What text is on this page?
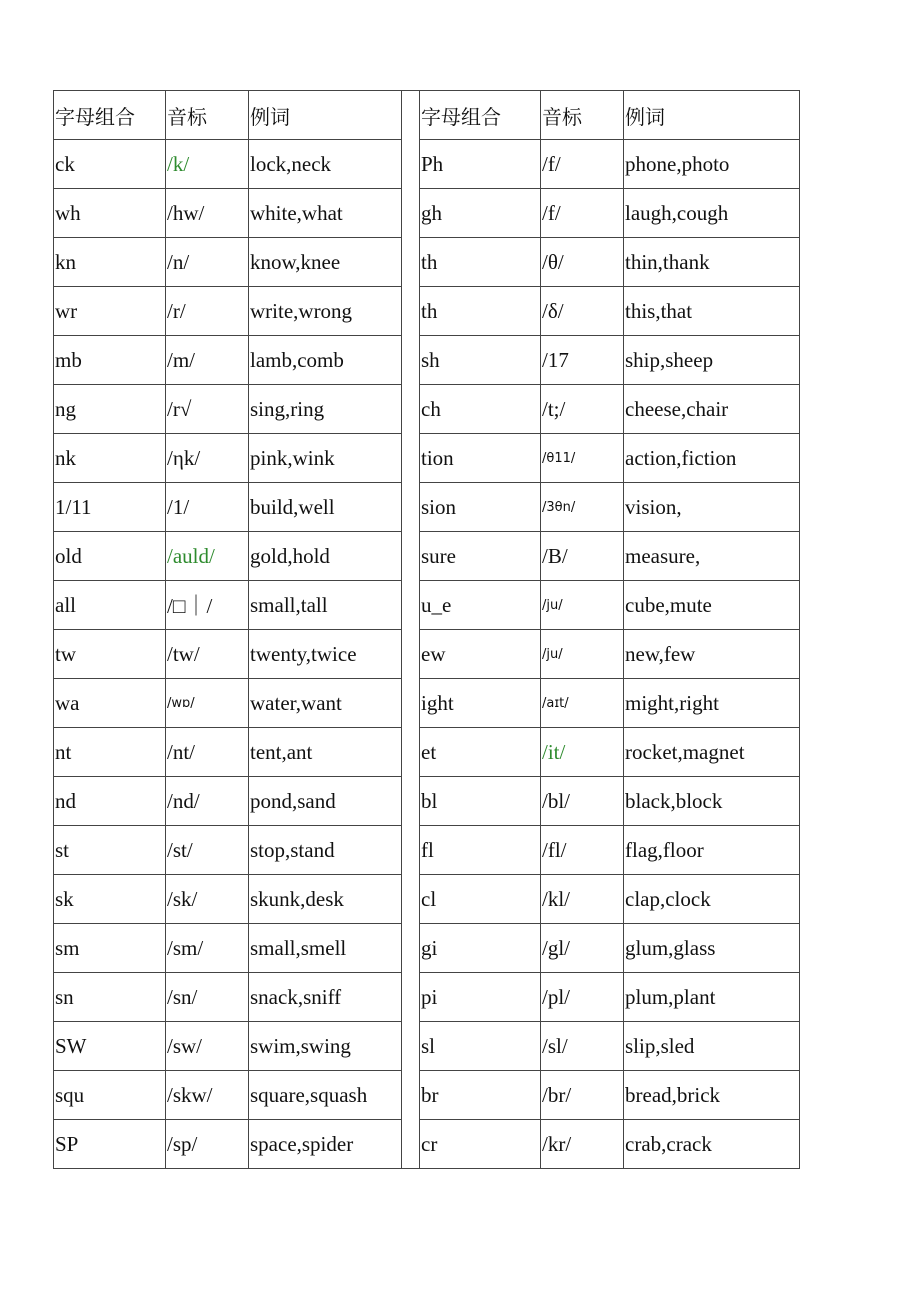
字母组合	音标	例词		字母组合	音标	例词
ck	/k/	lock,neck		Ph	/f/	phone,photo
wh	/hw/	white,what		gh	/f/	laugh,cough
kn	/n/	know,knee		th	/θ/	thin,thank
wr	/r/	write,wrong		th	/δ/	this,that
mb	/m/	lamb,comb		sh	/17	ship,sheep
ng	/r√	sing,ring		ch	/t;/	cheese,chair
nk	/ηk/	pink,wink		tion	/θ11/	action,fiction
1/11	/1/	build,well		sion	/3θn/	vision,
old	/auld/	gold,hold		sure	/B/	measure,
all	/□｜/	small,tall		u_e	/ju/	cube,mute
tw	/tw/	twenty,twice		ew	/ju/	new,few
wa	/wɒ/	water,want		ight	/aɪt/	might,right
nt	/nt/	tent,ant		et	/it/	rocket,magnet
nd	/nd/	pond,sand		bl	/bl/	black,block
st	/st/	stop,stand		fl	/fl/	flag,floor
sk	/sk/	skunk,desk		cl	/kl/	clap,clock
sm	/sm/	small,smell		gi	/gl/	glum,glass
sn	/sn/	snack,sniff		pi	/pl/	plum,plant
SW	/sw/	swim,swing		sl	/sl/	slip,sled
squ	/skw/	square,squash		br	/br/	bread,brick
SP	/sp/	space,spider		cr	/kr/	crab,crack
